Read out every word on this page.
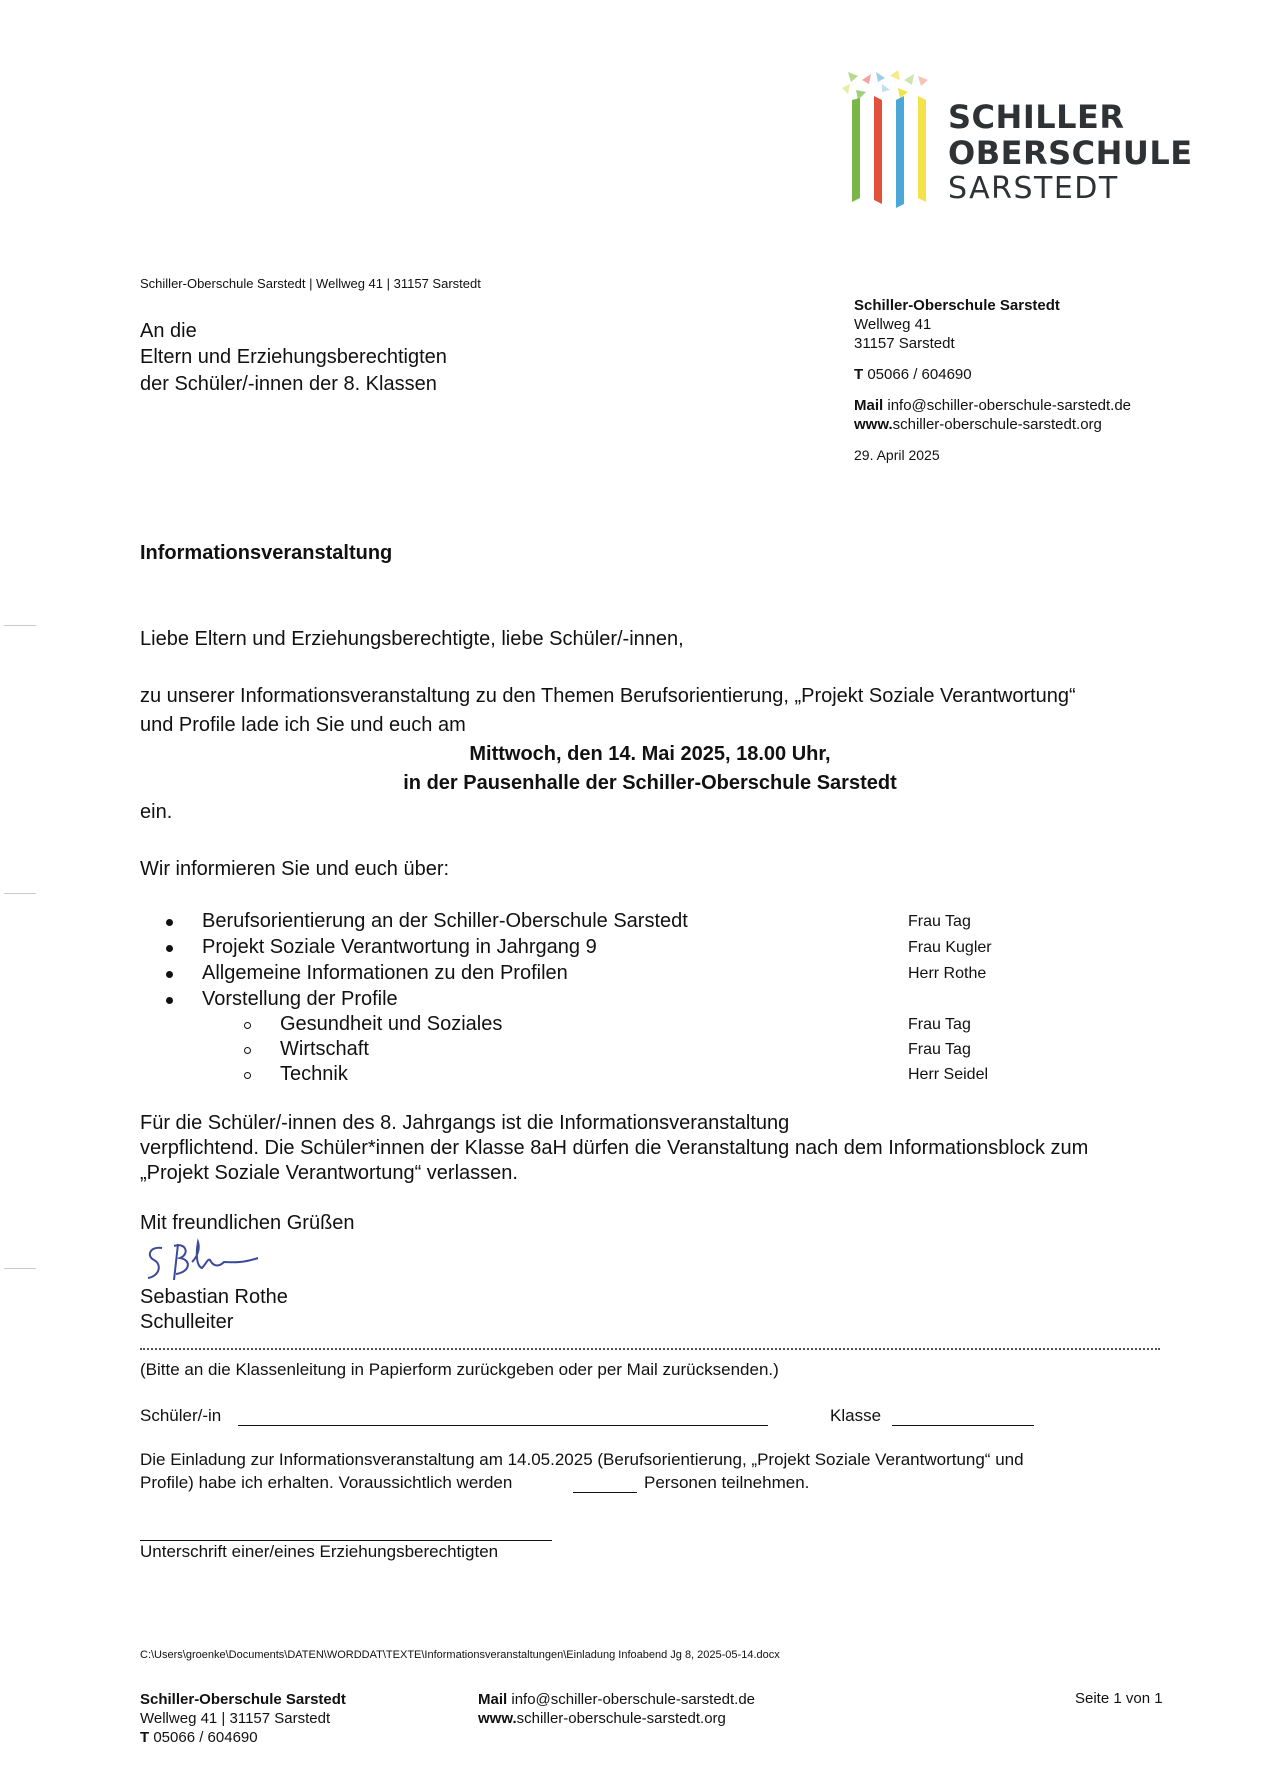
SCHILLER
OBERSCHULE
SARSTEDT
Schiller-Oberschule Sarstedt | Wellweg 41 | 31157 Sarstedt
An die
Eltern und Erziehungsberechtigten
der Schüler/-innen der 8. Klassen
Schiller-Oberschule Sarstedt
Wellweg 41
31157 Sarstedt
T 05066 / 604690
Mail info@schiller-oberschule-sarstedt.de
www.schiller-oberschule-sarstedt.org
29. April 2025
Informationsveranstaltung
Liebe Eltern und Erziehungsberechtigte, liebe Schüler/-innen,
zu unserer Informationsveranstaltung zu den Themen Berufsorientierung, „Projekt Soziale Verantwortung“
und Profile lade ich Sie und euch am
Mittwoch, den 14. Mai 2025, 18.00 Uhr,
in der Pausenhalle der Schiller-Oberschule Sarstedt
ein.
Wir informieren Sie und euch über:
Berufsorientierung an der Schiller-Oberschule Sarstedt	Frau Tag
Projekt Soziale Verantwortung in Jahrgang 9	Frau Kugler
Allgemeine Informationen zu den Profilen	Herr Rothe
Vorstellung der Profile
Gesundheit und Soziales	Frau Tag
Wirtschaft	Frau Tag
Technik	Herr Seidel
Für die Schüler/-innen des 8. Jahrgangs ist die Informationsveranstaltung
verpflichtend. Die Schüler*innen der Klasse 8aH dürfen die Veranstaltung nach dem Informationsblock zum
„Projekt Soziale Verantwortung“ verlassen.
Mit freundlichen Grüßen
Sebastian Rothe
Schulleiter
(Bitte an die Klassenleitung in Papierform zurückgeben oder per Mail zurücksenden.)
Schüler/-in	Klasse
Die Einladung zur Informationsveranstaltung am 14.05.2025 (Berufsorientierung, „Projekt Soziale Verantwortung“ und
Profile) habe ich erhalten. Voraussichtlich werden	Personen teilnehmen.
Unterschrift einer/eines Erziehungsberechtigten
C:\Users\groenke\Documents\DATEN\WORDDAT\TEXTE\Informationsveranstaltungen\Einladung Infoabend Jg 8, 2025-05-14.docx
Schiller-Oberschule Sarstedt
Wellweg 41 | 31157 Sarstedt
T 05066 / 604690
Mail info@schiller-oberschule-sarstedt.de
www.schiller-oberschule-sarstedt.org
Seite 1 von 1
